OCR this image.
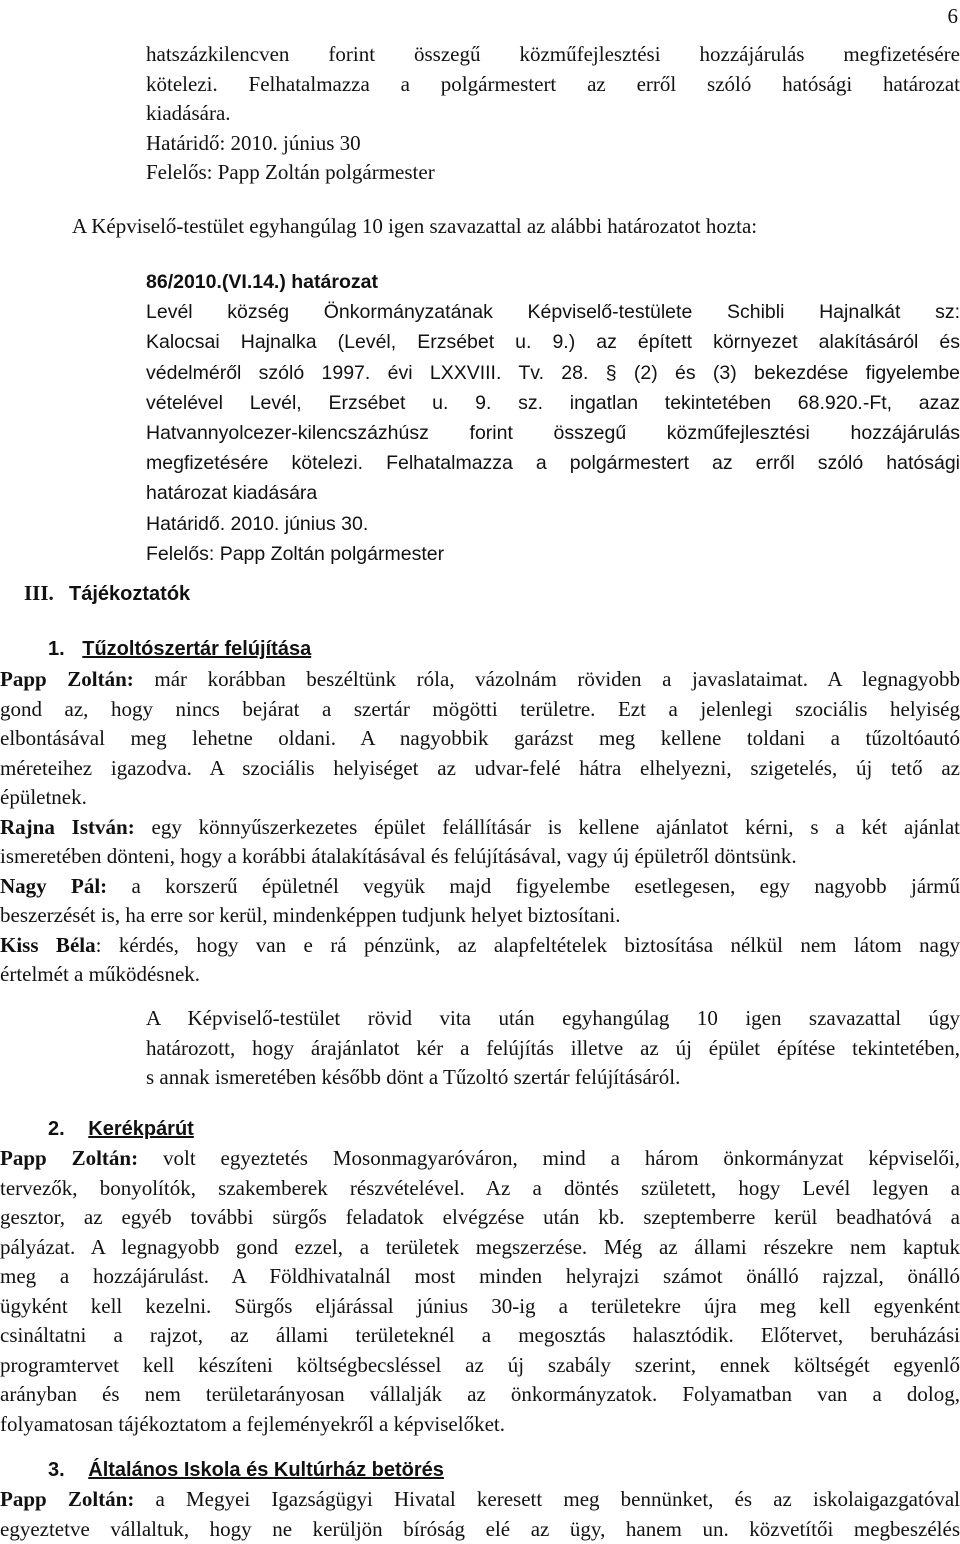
6
hatszázkilencven forint összegű közműfejlesztési hozzájárulás megfizetésére
kötelezi. Felhatalmazza a polgármestert az erről szóló hatósági határozat
kiadására.
Határidő: 2010. június 30
Felelős: Papp Zoltán polgármester
A Képviselő-testület egyhangúlag 10 igen szavazattal az alábbi határozatot hozta:
86/2010.(VI.14.) határozat
Levél község Önkormányzatának Képviselő-testülete Schibli Hajnalkát sz:
Kalocsai Hajnalka (Levél, Erzsébet u. 9.) az épített környezet alakításáról és
védelméről szóló 1997. évi LXXVIII. Tv. 28. § (2) és (3) bekezdése figyelembe
vételével Levél, Erzsébet u. 9. sz. ingatlan tekintetében 68.920.-Ft, azaz
Hatvannyolcezer-kilencszázhúsz forint összegű közműfejlesztési hozzájárulás
megfizetésére kötelezi. Felhatalmazza a polgármestert az erről szóló hatósági
határozat kiadására
Határidő. 2010. június 30.
Felelős: Papp Zoltán polgármester
III. Tájékoztatók
1. Tűzoltószertár felújítása
Papp Zoltán: már korábban beszéltünk róla, vázolnám röviden a javaslataimat. A legnagyobb
gond az, hogy nincs bejárat a szertár mögötti területre. Ezt a jelenlegi szociális helyiség
elbontásával meg lehetne oldani. A nagyobbik garázst meg kellene toldani a tűzoltóautó
méreteihez igazodva. A szociális helyiséget az udvar-felé hátra elhelyezni, szigetelés, új tető az
épületnek.
Rajna István: egy könnyűszerkezetes épület felállításár is kellene ajánlatot kérni, s a két ajánlat
ismeretében dönteni, hogy a korábbi átalakításával és felújításával, vagy új épületről döntsünk.
Nagy Pál: a korszerű épületnél vegyük majd figyelembe esetlegesen, egy nagyobb jármű
beszerzését is, ha erre sor kerül, mindenképpen tudjunk helyet biztosítani.
Kiss Béla: kérdés, hogy van e rá pénzünk, az alapfeltételek biztosítása nélkül nem látom nagy
értelmét a működésnek.
A Képviselő-testület rövid vita után egyhangúlag 10 igen szavazattal úgy
határozott, hogy árajánlatot kér a felújítás illetve az új épület építése tekintetében,
s annak ismeretében később dönt a Tűzoltó szertár felújításáról.
2. Kerékpárút
Papp Zoltán: volt egyeztetés Mosonmagyaróváron, mind a három önkormányzat képviselői,
tervezők, bonyolítók, szakemberek részvételével. Az a döntés született, hogy Levél legyen a
gesztor, az egyéb további sürgős feladatok elvégzése után kb. szeptemberre kerül beadhatóvá a
pályázat. A legnagyobb gond ezzel, a területek megszerzése. Még az állami részekre nem kaptuk
meg a hozzájárulást. A Földhivatalnál most minden helyrajzi számot önálló rajzzal, önálló
ügyként kell kezelni. Sürgős eljárással június 30-ig a területekre újra meg kell egyenként
csináltatni a rajzot, az állami területeknél a megosztás halasztódik. Előtervet, beruházási
programtervet kell készíteni költségbecsléssel az új szabály szerint, ennek költségét egyenlő
arányban és nem területarányosan vállalják az önkormányzatok. Folyamatban van a dolog,
folyamatosan tájékoztatom a fejleményekről a képviselőket.
3. Általános Iskola és Kultúrház betörés
Papp Zoltán: a Megyei Igazságügyi Hivatal keresett meg bennünket, és az iskolaigazgatóval
egyeztetve vállaltuk, hogy ne kerüljön bíróság elé az ügy, hanem un. közvetítői megbeszélés
